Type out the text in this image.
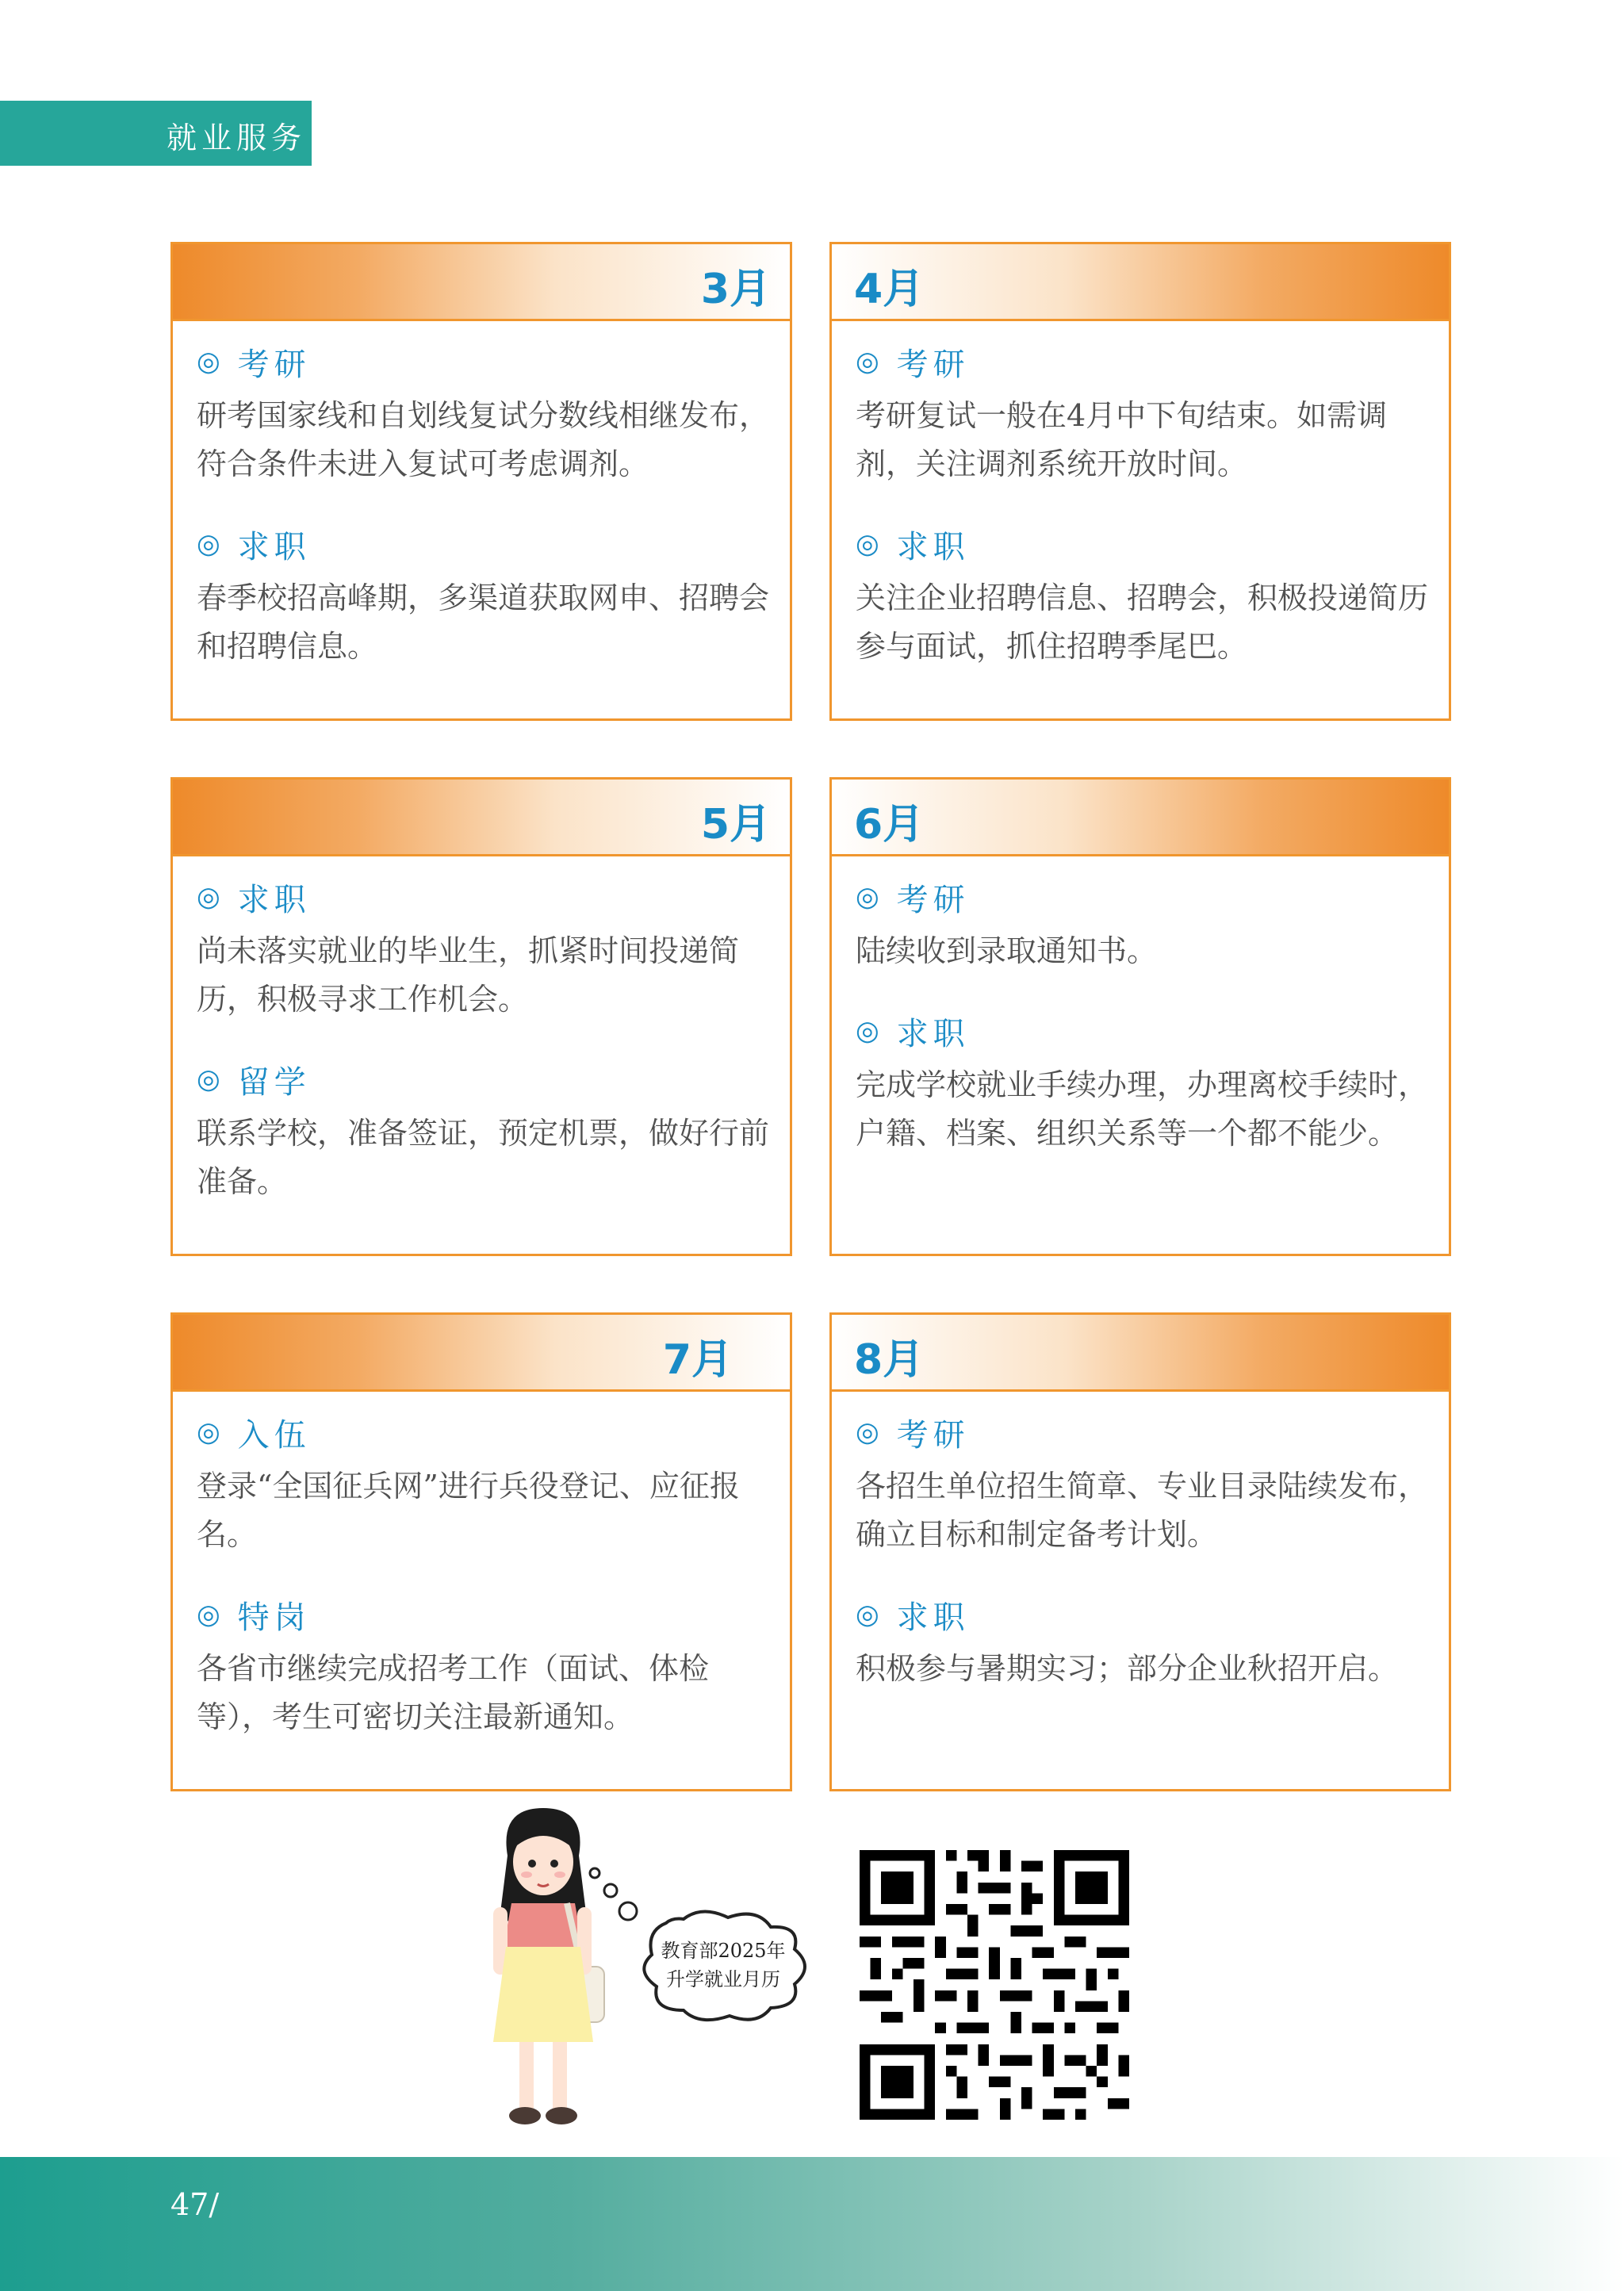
就业服务
3月
◎ 考研
研考国家线和自划线复试分数线相继发布，符合条件未进入复试可考虑调剂。
◎ 求职
春季校招高峰期，多渠道获取网申、招聘会和招聘信息。
4月
◎ 考研
考研复试一般在4月中下旬结束。如需调剂，关注调剂系统开放时间。
◎ 求职
关注企业招聘信息、招聘会，积极投递简历参与面试，抓住招聘季尾巴。
5月
◎ 求职
尚未落实就业的毕业生，抓紧时间投递简历，积极寻求工作机会。
◎ 留学
联系学校，准备签证，预定机票，做好行前准备。
6月
◎ 考研
陆续收到录取通知书。
◎ 求职
完成学校就业手续办理，办理离校手续时，户籍、档案、组织关系等一个都不能少。
7月
◎ 入伍
登录“全国征兵网”进行兵役登记、应征报名。
◎ 特岗
各省市继续完成招考工作（面试、体检等），考生可密切关注最新通知。
8月
◎ 考研
各招生单位招生简章、专业目录陆续发布，确立目标和制定备考计划。
◎ 求职
积极参与暑期实习；部分企业秋招开启。
教育部2025年
升学就业月历
47/
